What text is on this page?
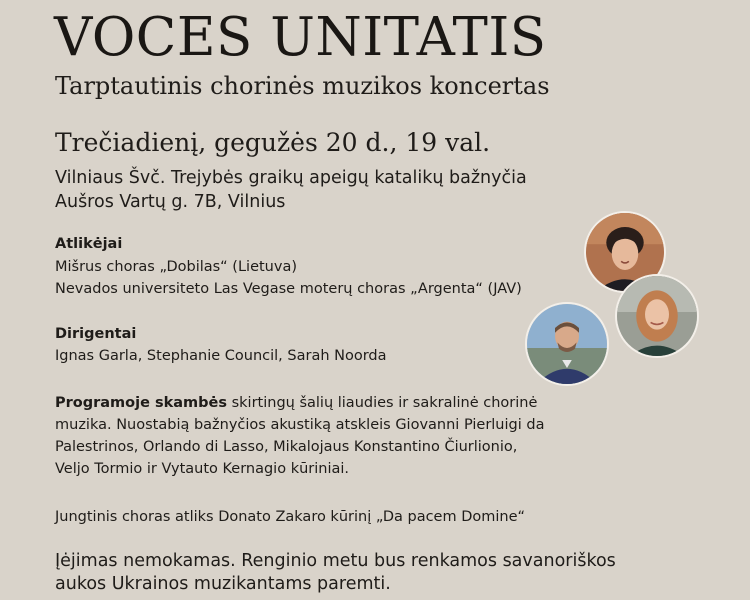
VOCES UNITATIS
Tarptautinis chorinės muzikos koncertas
Trečiadienį, gegužės 20 d., 19 val.
Vilniaus Švč. Trejybės graikų apeigų katalikų bažnyčia
Aušros Vartų g. 7B, Vilnius
Atlikėjai
Mišrus choras „Dobilas“ (Lietuva)
Nevados universiteto Las Vegase moterų choras „Argenta“ (JAV)
Dirigentai
Ignas Garla, Stephanie Council, Sarah Noorda
Programoje skambės skirtingų šalių liaudies ir sakralinė chorinė
muzika. Nuostabią bažnyčios akustiką atskleis Giovanni Pierluigi da
Palestrinos, Orlando di Lasso, Mikalojaus Konstantino Čiurlionio,
Veljo Tormio ir Vytauto Kernagio kūriniai.
Jungtinis choras atliks Donato Zakaro kūrinį „Da pacem Domine“
Įėjimas nemokamas. Renginio metu bus renkamos savanoriškos
aukos Ukrainos muzikantams paremti.
